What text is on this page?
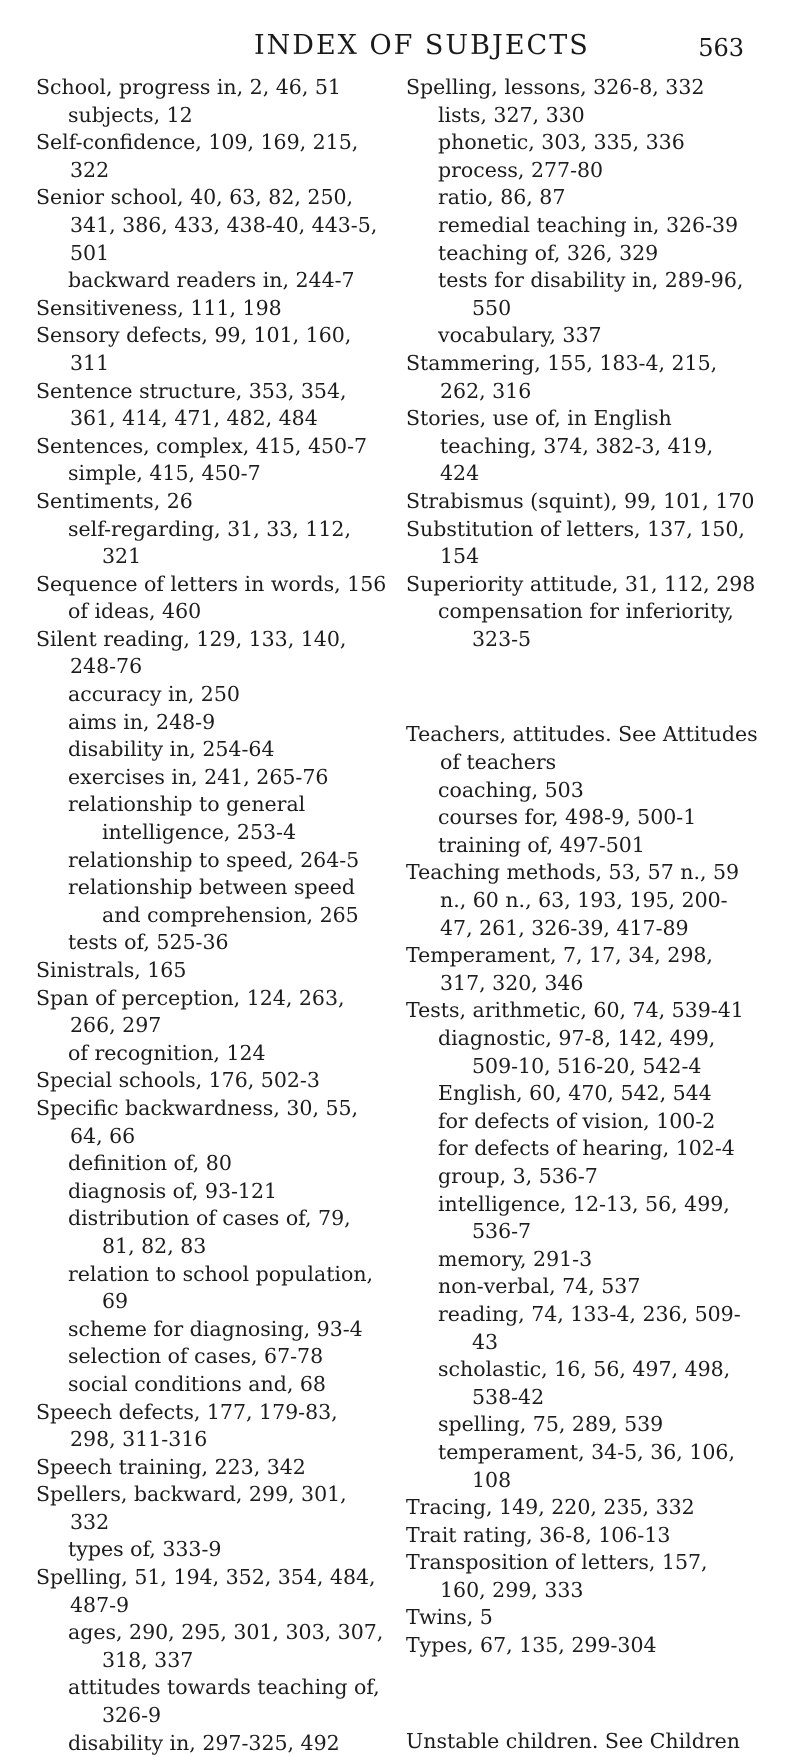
INDEX OF SUBJECTS	563

School, progress in, 2, 46, 51

subjects, 12

Self-confidence, 109, 169, 215, 322

Senior school, 40, 63, 82, 250, 341, 386, 433, 438-40, 443-5, 501

backward readers in, 244-7

Sensitiveness, 111, 198

Sensory defects, 99, 101, 160, 311

Sentence structure, 353, 354, 361, 414, 471, 482, 484

Sentences, complex, 415, 450-7

simple, 415, 450-7

Sentiments, 26

self-regarding, 31, 33, 112, 321

Sequence of letters in words, 156

of ideas, 460

Silent reading, 129, 133, 140, 248-76

accuracy in, 250

aims in, 248-9

disability in, 254-64

exercises in, 241, 265-76

relationship to general intelligence, 253-4

relationship to speed, 264-5

relationship between speed and comprehension, 265

tests of, 525-36

Sinistrals, 165

Span of perception, 124, 263, 266, 297

of recognition, 124

Special schools, 176, 502-3

Specific backwardness, 30, 55, 64, 66

definition of, 80

diagnosis of, 93-121

distribution of cases of, 79, 81, 82, 83

relation to school population, 69

scheme for diagnosing, 93-4

selection of cases, 67-78

social conditions and, 68

Speech defects, 177, 179-83, 298, 311-316

Speech training, 223, 342

Spellers, backward, 299, 301, 332

types of, 333-9

Spelling, 51, 194, 352, 354, 484, 487-9

ages, 290, 295, 301, 303, 307, 318, 337

attitudes towards teaching of, 326-9

disability in, 297-325, 492

Spelling, lessons, 326-8, 332

lists, 327, 330

phonetic, 303, 335, 336

process, 277-80

ratio, 86, 87

remedial teaching in, 326-39

teaching of, 326, 329

tests for disability in, 289-96, 550

vocabulary, 337

Stammering, 155, 183-4, 215, 262, 316

Stories, use of, in English teaching, 374, 382-3, 419, 424

Strabismus (squint), 99, 101, 170

Substitution of letters, 137, 150, 154

Superiority attitude, 31, 112, 298

compensation for inferiority, 323-5

Teachers, attitudes. See Attitudes of teachers

coaching, 503

courses for, 498-9, 500-1

training of, 497-501

Teaching methods, 53, 57 n., 59 n., 60 n., 63, 193, 195, 200-47, 261, 326-39, 417-89

Temperament, 7, 17, 34, 298, 317, 320, 346

Tests, arithmetic, 60, 74, 539-41

diagnostic, 97-8, 142, 499, 509-10, 516-20, 542-4

English, 60, 470, 542, 544

for defects of vision, 100-2

for defects of hearing, 102-4

group, 3, 536-7

intelligence, 12-13, 56, 499, 536-7

memory, 291-3

non-verbal, 74, 537

reading, 74, 133-4, 236, 509-43

scholastic, 16, 56, 497, 498, 538-42

spelling, 75, 289, 539

temperament, 34-5, 36, 106, 108

Tracing, 149, 220, 235, 332

Trait rating, 36-8, 106-13

Transposition of letters, 157, 160, 299, 333

Twins, 5

Types, 67, 135, 299-304

Unstable children. See Children
